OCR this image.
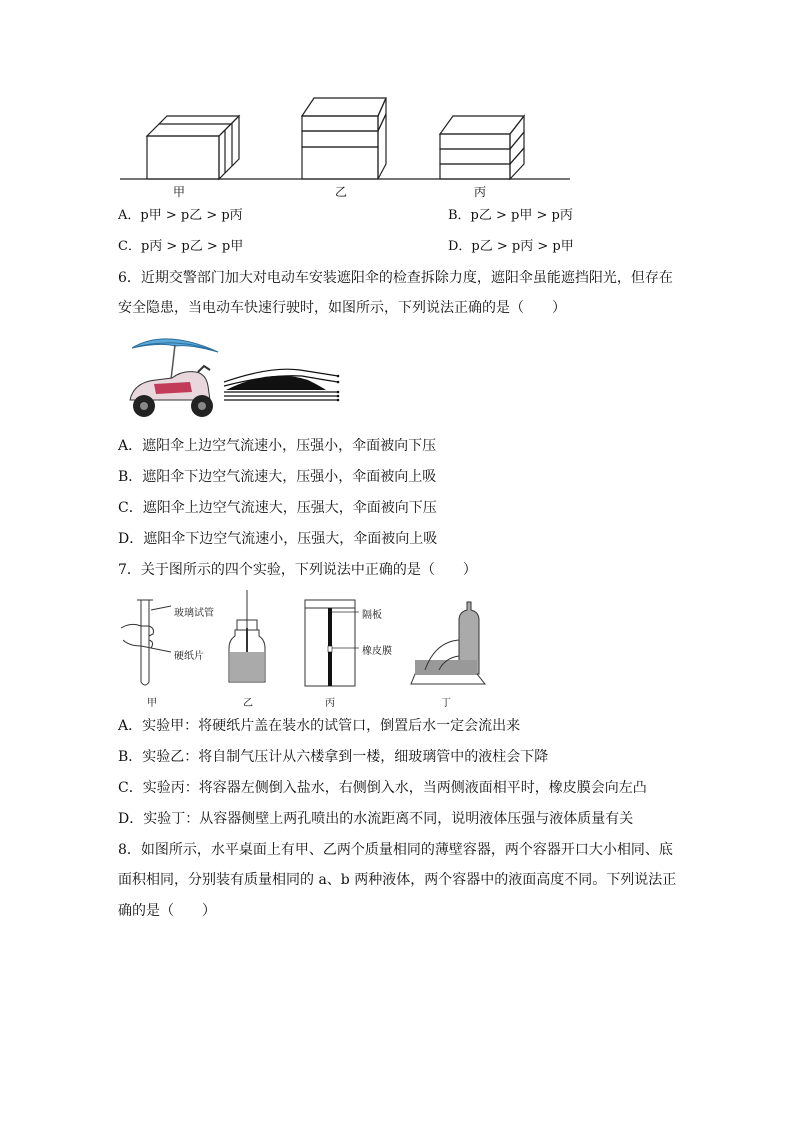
甲	乙	丙
A．p甲 > p乙 > p丙	B．p乙 > p甲 > p丙
C．p丙 > p乙 > p甲	D．p乙 > p丙 > p甲
6．近期交警部门加大对电动车安装遮阳伞的检查拆除力度，遮阳伞虽能遮挡阳光，但存在
安全隐患，当电动车快速行驶时，如图所示，下列说法正确的是（　　）
A．遮阳伞上边空气流速小，压强小，伞面被向下压
B．遮阳伞下边空气流速大，压强小，伞面被向上吸
C．遮阳伞上边空气流速大，压强大，伞面被向下压
D．遮阳伞下边空气流速小，压强大，伞面被向上吸
7．关于图所示的四个实验，下列说法中正确的是（　　）
玻璃试管
硬纸片
隔板
橡皮膜
甲	乙	丙	丁
A．实验甲：将硬纸片盖在装水的试管口，倒置后水一定会流出来
B．实验乙：将自制气压计从六楼拿到一楼，细玻璃管中的液柱会下降
C．实验丙：将容器左侧倒入盐水，右侧倒入水，当两侧液面相平时，橡皮膜会向左凸
D．实验丁：从容器侧壁上两孔喷出的水流距离不同，说明液体压强与液体质量有关
8．如图所示，水平桌面上有甲、乙两个质量相同的薄壁容器，两个容器开口大小相同、底
面积相同，分别装有质量相同的 a、b 两种液体，两个容器中的液面高度不同。下列说法正
确的是（　　）
